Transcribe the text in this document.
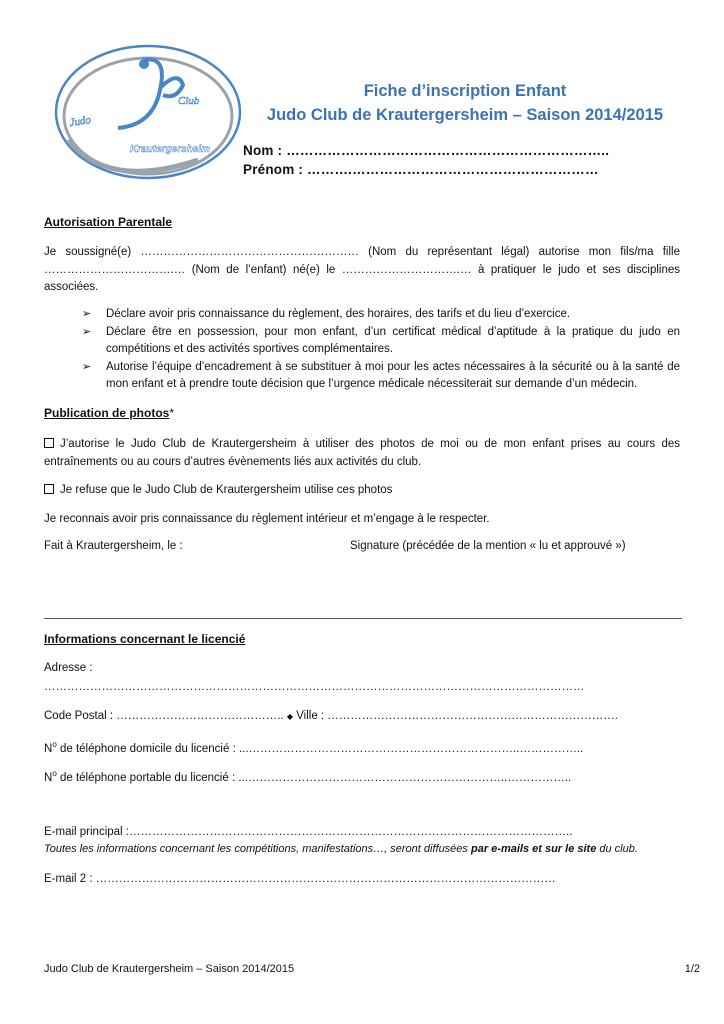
Club
Judo
Krautergersheim
Fiche d’inscription Enfant
Judo Club de Krautergersheim – Saison 2014/2015
Nom : ……………………………………………………………..
Prénom : ……….………………………………………………
Autorisation Parentale
Je soussigné(e) ………………………………………………… (Nom du représentant légal) autorise mon fils/ma fille …………………………….… (Nom de l’enfant) né(e) le ………………………….… à pratiquer le judo et ses disciplines associées.
➢	Déclare avoir pris connaissance du règlement, des horaires, des tarifs et du lieu d’exercice.
➢	Déclare être en possession, pour mon enfant, d’un certificat médical d’aptitude à la pratique du judo en compétitions et des activités sportives complémentaires.
➢	Autorise l’équipe d’encadrement à se substituer à moi pour les actes nécessaires à la sécurité ou à la santé de mon enfant et à prendre toute décision que l’urgence médicale nécessiterait sur demande d’un médecin.
Publication de photos*
J’autorise le Judo Club de Krautergersheim à utiliser des photos de moi ou de mon enfant prises au cours des entraînements ou au cours d’autres évènements liés aux activités du club.
Je refuse que le Judo Club de Krautergersheim utilise ces photos
Je reconnais avoir pris connaissance du règlement intérieur et m’engage à le respecter.
Fait à Krautergersheim, le :	Signature (précédée de la mention « lu et approuvé »)
Informations concernant le licencié
Adresse :
……………………………………………………………………………………………………………………………
Code Postal : …………………………………….. ◆ Ville : ………………………………………………………………….
$N^o$ de téléphone domicile du licencié : ...……………………………………………………………..……………..
$N^o$ de téléphone portable du licencié : ...…………………………………………………………..……………..
E-mail principal :……………………………………………………………………………………………………..
Toutes les informations concernant les compétitions, manifestations…, seront diffusées par e-mails et sur le site du club.
E-mail 2 : …………………………………………………………………………………………………………
Judo Club de Krautergersheim – Saison 2014/2015	1/2
